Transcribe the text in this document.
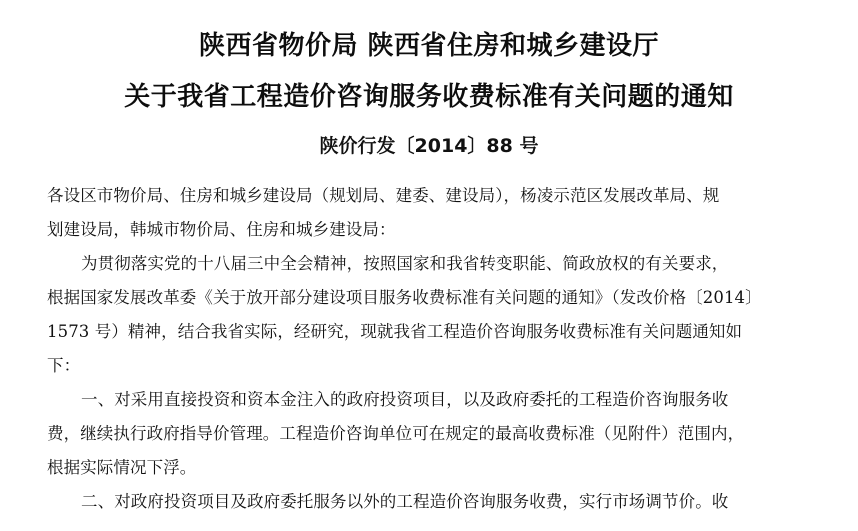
陕西省物价局 陕西省住房和城乡建设厅
关于我省工程造价咨询服务收费标准有关问题的通知
陕价行发〔2014〕88 号
各设区市物价局、住房和城乡建设局（规划局、建委、建设局），杨凌示范区发展改革局、规
划建设局，韩城市物价局、住房和城乡建设局：
为贯彻落实党的十八届三中全会精神，按照国家和我省转变职能、简政放权的有关要求，
根据国家发展改革委《关于放开部分建设项目服务收费标准有关问题的通知》（发改价格〔2014〕
1573 号）精神，结合我省实际，经研究，现就我省工程造价咨询服务收费标准有关问题通知如
下：
一、对采用直接投资和资本金注入的政府投资项目，以及政府委托的工程造价咨询服务收
费，继续执行政府指导价管理。工程造价咨询单位可在规定的最高收费标准（见附件）范围内，
根据实际情况下浮。
二、对政府投资项目及政府委托服务以外的工程造价咨询服务收费，实行市场调节价。收
